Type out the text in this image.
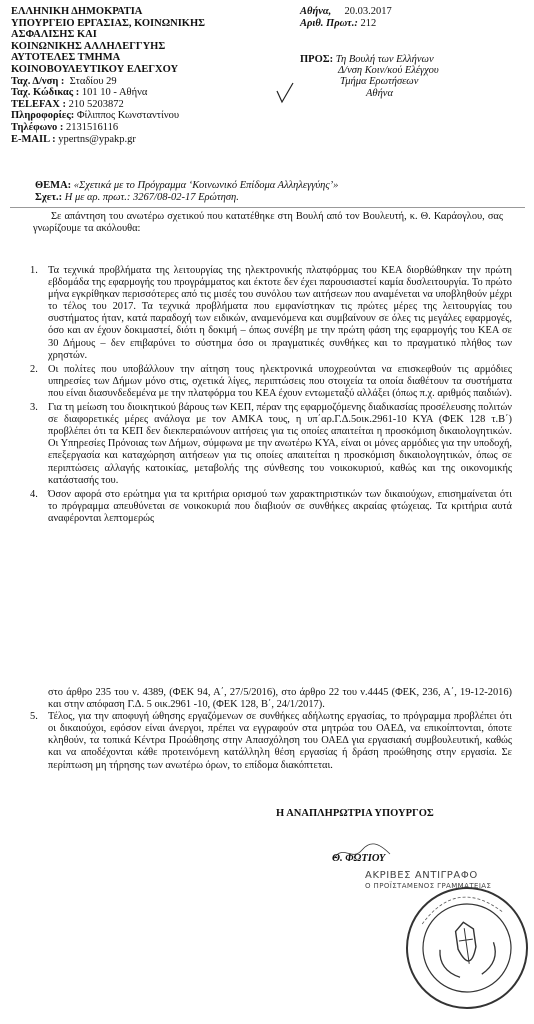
ΕΛΛΗΝΙΚΗ ΔΗΜΟΚΡΑΤΙΑ
ΥΠΟΥΡΓΕΙΟ ΕΡΓΑΣΙΑΣ, ΚΟΙΝΩΝΙΚΗΣ
ΑΣΦΑΛΙΣΗΣ ΚΑΙ
ΚΟΙΝΩΝΙΚΗΣ ΑΛΛΗΛΕΓΓΥΗΣ
ΑΥΤΟΤΕΛΕΣ ΤΜΗΜΑ
ΚΟΙΝΟΒΟΥΛΕΥΤΙΚΟΥ ΕΛΕΓΧΟΥ
Ταχ. Δ/νση : Σταδίου 29
Ταχ. Κώδικας : 101 10 - Αθήνα
TELEFAX : 210 5203872
Πληροφορίες: Φίλιππος Κωνσταντίνου
Τηλέφωνο : 2131516116
E-MAIL : ypertns@ypakp.gr
Αθήνα, 20.03.2017
Αριθ. Πρωτ.: 212
ΠΡΟΣ: Τη Βουλή των Ελλήνων
Δ/νση Κοιν/κού Ελέγχου
Τμήμα Ερωτήσεων
Αθήνα
ΘΕΜΑ: «Σχετικά με το Πρόγραμμα ‘Κοινωνικό Επίδομα Αλληλεγγύης’»
Σχετ.: Η με αρ. πρωτ.: 3267/08-02-17 Ερώτηση.

Σε απάντηση του ανωτέρω σχετικού που κατατέθηκε στη Βουλή από τον Βουλευτή, κ. Θ. Καράογλου, σας γνωρίζουμε τα ακόλουθα:

1. Τα τεχνικά προβλήματα της λειτουργίας της ηλεκτρονικής πλατφόρμας του ΚΕΑ διορθώθηκαν την πρώτη εβδομάδα της εφαρμογής του προγράμματος και έκτοτε δεν έχει παρουσιαστεί καμία δυσλειτουργία. Το πρώτο μήνα εγκρίθηκαν περισσότερες από τις μισές του συνόλου των αιτήσεων που αναμένεται να υποβληθούν μέχρι το τέλος του 2017. Τα τεχνικά προβλήματα που εμφανίστηκαν τις πρώτες μέρες της λειτουργίας του συστήματος ήταν, κατά παραδοχή των ειδικών, αναμενόμενα και συμβαίνουν σε όλες τις μεγάλες εφαρμογές, όσο και αν έχουν δοκιμαστεί, διότι η δοκιμή – όπως συνέβη με την πρώτη φάση της εφαρμογής του ΚΕΑ σε 30 Δήμους – δεν επιβαρύνει το σύστημα όσο οι πραγματικές συνθήκες και το πραγματικό πλήθος των χρηστών.
2. Οι πολίτες που υποβάλλουν την αίτηση τους ηλεκτρονικά υποχρεούνται να επισκεφθούν τις αρμόδιες υπηρεσίες των Δήμων μόνο στις, σχετικά λίγες, περιπτώσεις που στοιχεία τα οποία διαθέτουν τα συστήματα που είναι διασυνδεδεμένα με την πλατφόρμα του ΚΕΑ έχουν εντωμεταξύ αλλάξει (όπως π.χ. αριθμός παιδιών).
3. Για τη μείωση του διοικητικού βάρους των ΚΕΠ, πέραν της εφαρμοζόμενης διαδικασίας προσέλευσης πολιτών σε διαφορετικές μέρες ανάλογα με τον ΑΜΚΑ τους, η υπ΄αρ.Γ.Δ.5οικ.2961-10 ΚΥΑ (ΦΕΚ 128 τ.Β΄) προβλέπει ότι τα ΚΕΠ δεν διεκπεραιώνουν αιτήσεις για τις οποίες απαιτείται η προσκόμιση δικαιολογητικών. Οι Υπηρεσίες Πρόνοιας των Δήμων, σύμφωνα με την ανωτέρω ΚΥΑ, είναι οι μόνες αρμόδιες για την υποδοχή, επεξεργασία και καταχώρηση αιτήσεων για τις οποίες απαιτείται η προσκόμιση δικαιολογητικών, όπως σε περιπτώσεις αλλαγής κατοικίας, μεταβολής της σύνθεσης του νοικοκυριού, καθώς και της οικονομικής κατάστασής του.
4. Όσον αφορά στο ερώτημα για τα κριτήρια ορισμού των χαρακτηριστικών των δικαιούχων, επισημαίνεται ότι το πρόγραμμα απευθύνεται σε νοικοκυριά που διαβιούν σε συνθήκες ακραίας φτώχειας. Τα κριτήρια αυτά αναφέρονται λεπτομερώς

στο άρθρο 235 του ν. 4389, (ΦΕΚ 94, Α΄, 27/5/2016), στο άρθρο 22 του ν.4445 (ΦΕΚ, 236, Α΄, 19-12-2016) και στην απόφαση Γ.Δ. 5 οικ.2961 -10, (ΦΕΚ 128, Β΄, 24/1/2017).

5. Τέλος, για την αποφυγή ώθησης εργαζόμενων σε συνθήκες αδήλωτης εργασίας, το πρόγραμμα προβλέπει ότι οι δικαιούχοι, εφόσον είναι άνεργοι, πρέπει να εγγραφούν στα μητρώα του ΟΑΕΔ, να επικοίπτονται, όποτε κληθούν, τα τοπικά Κέντρα Προώθησης στην Απασχόληση του ΟΑΕΔ για εργασιακή συμβουλευτική, καθώς και να αποδέχονται κάθε προτεινόμενη κατάλληλη θέση εργασίας ή δράση προώθησης στην εργασία. Σε περίπτωση μη τήρησης των ανωτέρω όρων, το επίδομα διακόπτεται.
Η ΑΝΑΠΛΗΡΩΤΡΙΑ ΥΠΟΥΡΓΟΣ
Θ. ΦΩΤΙΟΥ
ΑΚΡΙΒΕΣ ΑΝΤΙΓΡΑΦΟ
Ο ΠΡΟΪΣΤΑΜΕΝΟΣ ΓΡΑΜΜΑΤΕΙΑΣ
